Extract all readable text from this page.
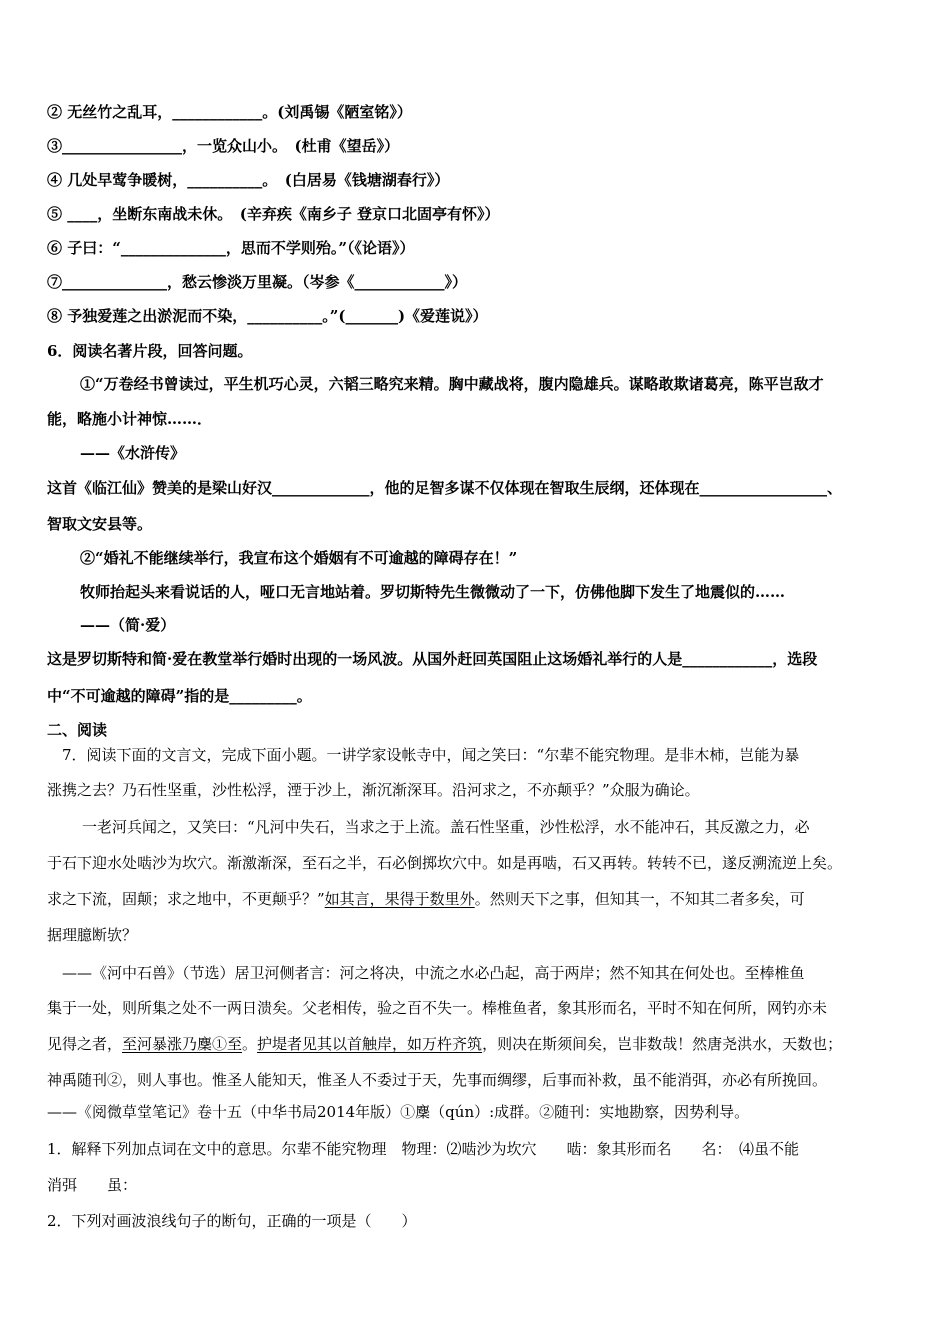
② 无丝竹之乱耳，____________。(刘禹锡《陋室铭》）
③________________，一览众山小。　(杜甫《望岳》）
④ 几处早莺争暖树，__________。　(白居易《钱塘湖春行》）
⑤ ____，坐断东南战未休。　(辛弃疾《南乡子 登京口北固亭有怀》）
⑥ 子曰：“______________，思而不学则殆。”（《论语》）
⑦______________，愁云惨淡万里凝。（岑参《____________》）
⑧ 予独爱莲之出淤泥而不染，__________。”(_______)《爱莲说》）
6．阅读名著片段，回答问题。
①“万卷经书曾读过，平生机巧心灵，六韬三略究来精。胸中藏战将，腹内隐雄兵。谋略敢欺诸葛亮，陈平岂敌才
能，略施小计神惊……．
——《水浒传》
这首《临江仙》赞美的是梁山好汉_____________，他的足智多谋不仅体现在智取生辰纲，还体现在_________________、
智取文安县等。
②“婚礼不能继续举行，我宣布这个婚姻有不可逾越的障碍存在！”
牧师抬起头来看说话的人，哑口无言地站着。罗切斯特先生微微动了一下，仿佛他脚下发生了地震似的……
——（简·爱）
这是罗切斯特和简·爱在教堂举行婚时出现的一场风波。从国外赶回英国阻止这场婚礼举行的人是____________，选段
中“不可逾越的障碍”指的是_________。
二、阅读
7．阅读下面的文言文，完成下面小题。一讲学家设帐寺中，闻之笑曰：“尔辈不能究物理。是非木柿，岂能为暴
涨携之去？乃石性坚重，沙性松浮，湮于沙上，渐沉渐深耳。沿河求之，不亦颠乎？”众服为确论。
一老河兵闻之，又笑曰：“凡河中失石，当求之于上流。盖石性坚重，沙性松浮，水不能冲石，其反激之力，必
于石下迎水处啮沙为坎穴。渐激渐深，至石之半，石必倒掷坎穴中。如是再啮，石又再转。转转不已，遂反溯流逆上矣。
求之下流，固颠；求之地中，不更颠乎？”如其言，果得于数里外。然则天下之事，但知其一，不知其二者多矣，可
据理臆断欤？
——《河中石兽》（节选）居卫河侧者言：河之将决，中流之水必凸起，高于两岸；然不知其在何处也。至棒椎鱼
集于一处，则所集之处不一两日溃矣。父老相传，验之百不失一。棒椎鱼者，象其形而名，平时不知在何所，网钓亦未
见得之者，至河暴涨乃麇①至。护堤者见其以首触岸，如万杵齐筑，则决在斯须间矣，岂非数哉！然唐尧洪水，天数也；
神禹随刊②，则人事也。惟圣人能知天，惟圣人不委过于天，先事而绸缪，后事而补救，虽不能消弭，亦必有所挽回。
——《阅微草堂笔记》卷十五（中华书局2014年版）①麇（qún）:成群。②随刊：实地勘察，因势利导。
1．解释下列加点词在文中的意思。尔辈不能究物理　物理：⑵啮沙为坎穴　　啮：象其形而名　　名：　⑷虽不能
消弭　　虽：
2．下列对画波浪线句子的断句，正确的一项是（　　）
